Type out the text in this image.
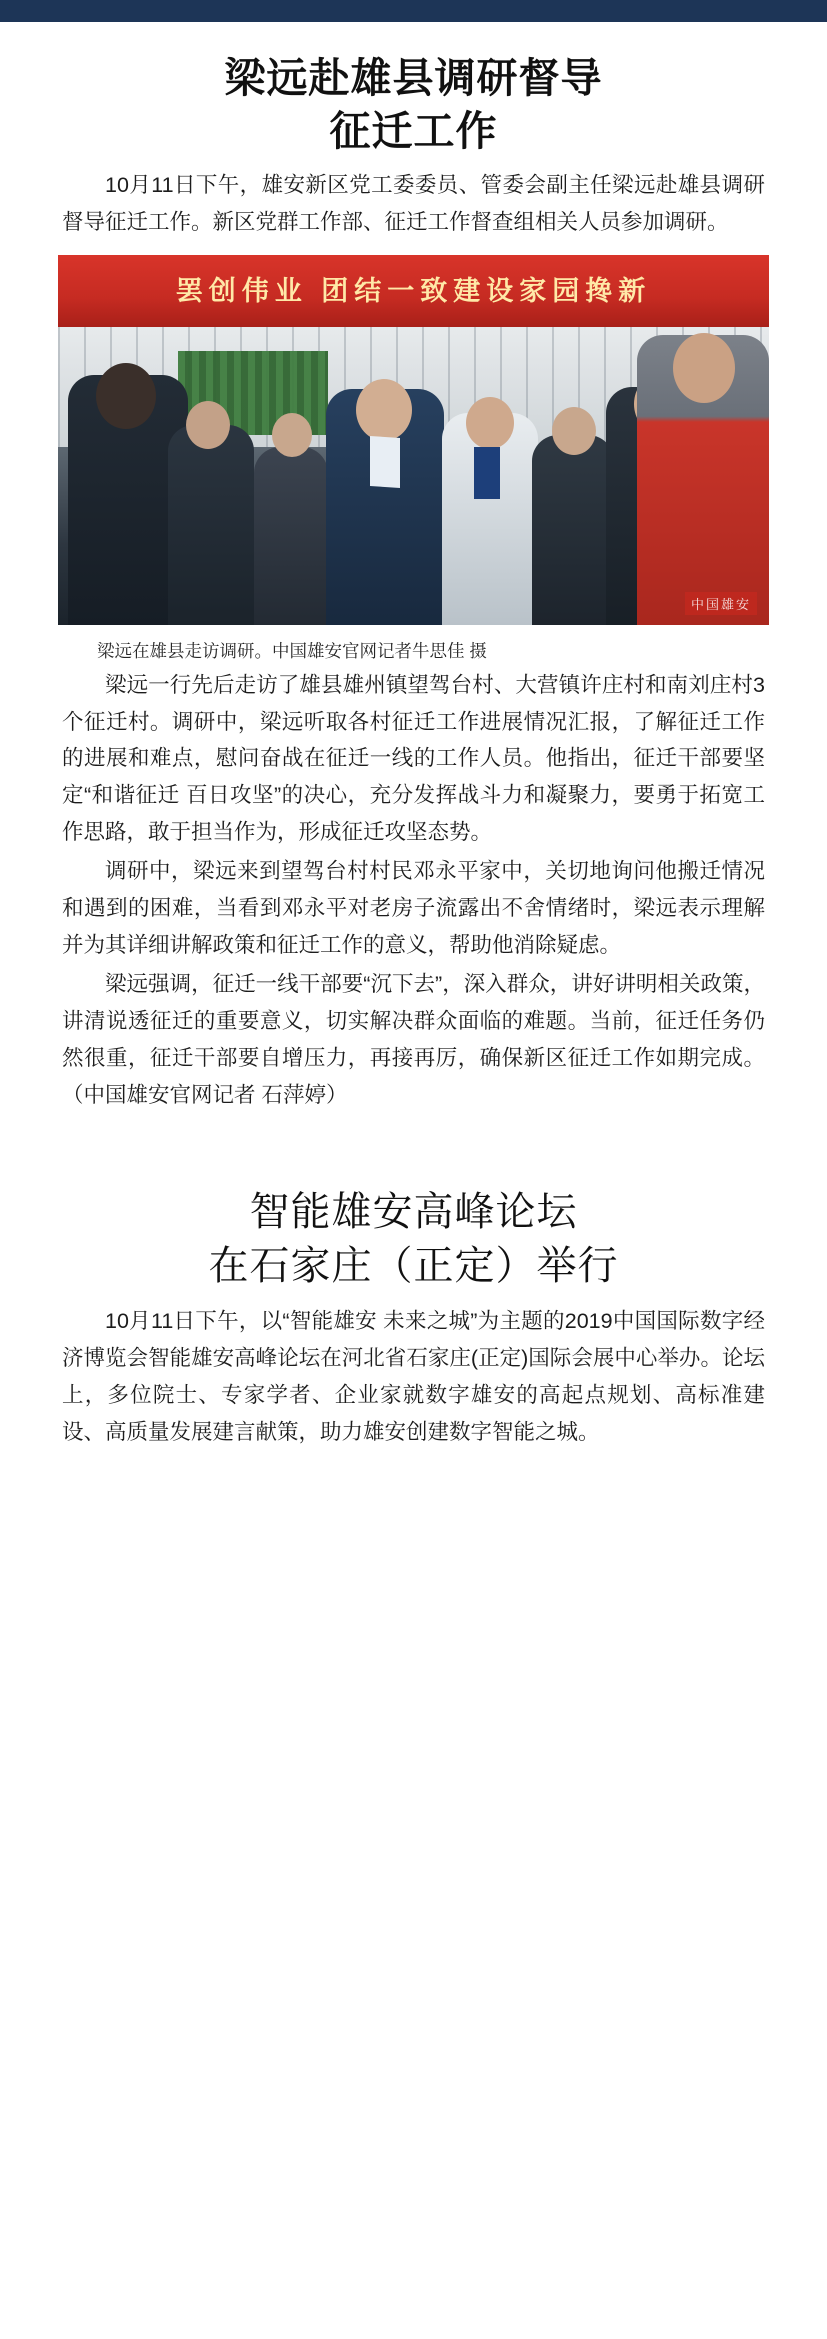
梁远赴雄县调研督导
征迁工作

10月11日下午，雄安新区党工委委员、管委会副主任梁远赴雄县调研督导征迁工作。新区党群工作部、征迁工作督查组相关人员参加调研。

罢创伟业 团结一致建设家园搀新
中国雄安
梁远在雄县走访调研。中国雄安官网记者牛思佳 摄

梁远一行先后走访了雄县雄州镇望驾台村、大营镇许庄村和南刘庄村3个征迁村。调研中，梁远听取各村征迁工作进展情况汇报，了解征迁工作的进展和难点，慰问奋战在征迁一线的工作人员。他指出，征迁干部要坚定“和谐征迁 百日攻坚”的决心，充分发挥战斗力和凝聚力，要勇于拓宽工作思路，敢于担当作为，形成征迁攻坚态势。

调研中，梁远来到望驾台村村民邓永平家中，关切地询问他搬迁情况和遇到的困难，当看到邓永平对老房子流露出不舍情绪时，梁远表示理解并为其详细讲解政策和征迁工作的意义，帮助他消除疑虑。

梁远强调，征迁一线干部要“沉下去”，深入群众，讲好讲明相关政策，讲清说透征迁的重要意义，切实解决群众面临的难题。当前，征迁任务仍然很重，征迁干部要自增压力，再接再厉，确保新区征迁工作如期完成。（中国雄安官网记者 石萍婷）

智能雄安高峰论坛
在石家庄（正定）举行

10月11日下午，以“智能雄安 未来之城”为主题的2019中国国际数字经济博览会智能雄安高峰论坛在河北省石家庄(正定)国际会展中心举办。论坛上，多位院士、专家学者、企业家就数字雄安的高起点规划、高标准建设、高质量发展建言献策，助力雄安创建数字智能之城。
